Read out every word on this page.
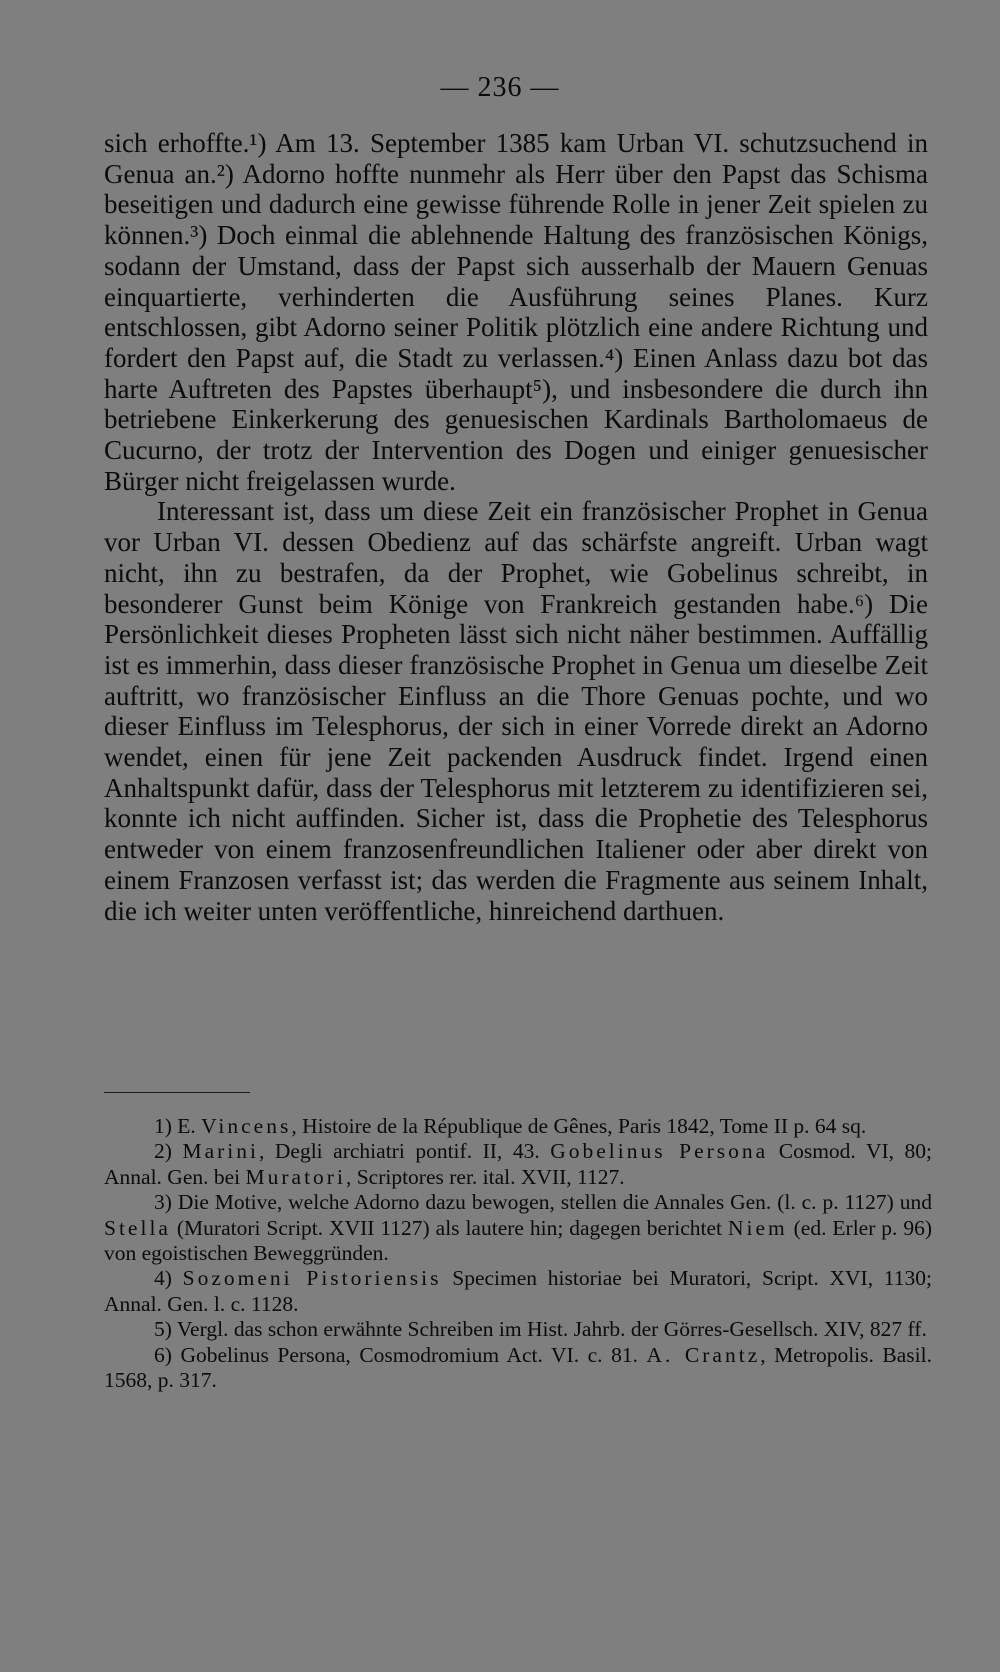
— 236 —

sich erhoffte.¹) Am 13. September 1385 kam Urban VI. schutzsuchend in Genua an.²) Adorno hoffte nunmehr als Herr über den Papst das Schisma beseitigen und dadurch eine gewisse führende Rolle in jener Zeit spielen zu können.³) Doch einmal die ablehnende Haltung des französischen Königs, sodann der Umstand, dass der Papst sich ausserhalb der Mauern Genuas einquartierte, verhinderten die Ausführung seines Planes. Kurz entschlossen, gibt Adorno seiner Politik plötzlich eine andere Richtung und fordert den Papst auf, die Stadt zu verlassen.⁴) Einen Anlass dazu bot das harte Auftreten des Papstes überhaupt⁵), und insbesondere die durch ihn betriebene Einkerkerung des genuesischen Kardinals Bartholomaeus de Cucurno, der trotz der Intervention des Dogen und einiger genuesischer Bürger nicht freigelassen wurde.

Interessant ist, dass um diese Zeit ein französischer Prophet in Genua vor Urban VI. dessen Obedienz auf das schärfste angreift. Urban wagt nicht, ihn zu bestrafen, da der Prophet, wie Gobelinus schreibt, in besonderer Gunst beim Könige von Frankreich gestanden habe.⁶) Die Persönlichkeit dieses Propheten lässt sich nicht näher bestimmen. Auffällig ist es immerhin, dass dieser französische Prophet in Genua um dieselbe Zeit auftritt, wo französischer Einfluss an die Thore Genuas pochte, und wo dieser Einfluss im Telesphorus, der sich in einer Vorrede direkt an Adorno wendet, einen für jene Zeit packenden Ausdruck findet. Irgend einen Anhaltspunkt dafür, dass der Telesphorus mit letzterem zu identifizieren sei, konnte ich nicht auffinden. Sicher ist, dass die Prophetie des Telesphorus entweder von einem franzosenfreundlichen Italiener oder aber direkt von einem Franzosen verfasst ist; das werden die Fragmente aus seinem Inhalt, die ich weiter unten veröffentliche, hinreichend darthuen.

1) E. Vincens, Histoire de la République de Gênes, Paris 1842, Tome II p. 64 sq.

2) Marini, Degli archiatri pontif. II, 43. Gobelinus Persona Cosmod. VI, 80; Annal. Gen. bei Muratori, Scriptores rer. ital. XVII, 1127.

3) Die Motive, welche Adorno dazu bewogen, stellen die Annales Gen. (l. c. p. 1127) und Stella (Muratori Script. XVII 1127) als lautere hin; dagegen berichtet Niem (ed. Erler p. 96) von egoistischen Beweggründen.

4) Sozomeni Pistoriensis Specimen historiae bei Muratori, Script. XVI, 1130; Annal. Gen. l. c. 1128.

5) Vergl. das schon erwähnte Schreiben im Hist. Jahrb. der Görres-Gesellsch. XIV, 827 ff.

6) Gobelinus Persona, Cosmodromium Act. VI. c. 81. A. Crantz, Metropolis. Basil. 1568, p. 317.
